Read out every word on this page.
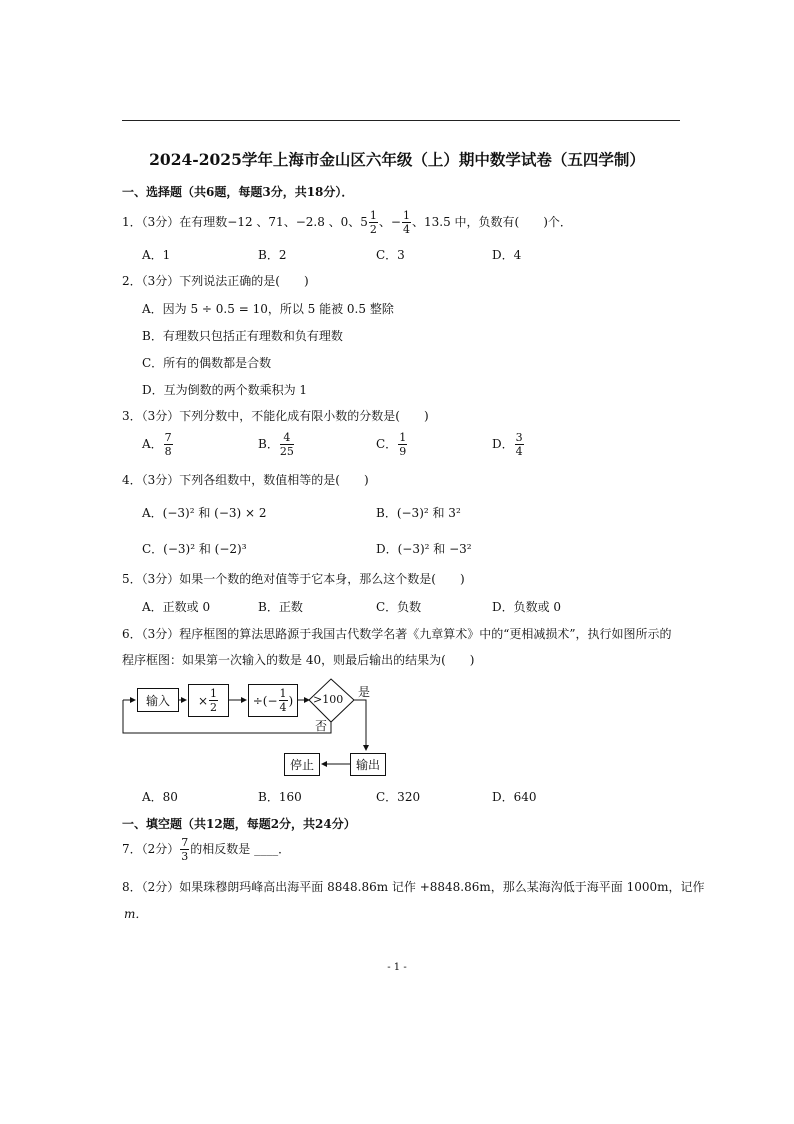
2024-2025学年上海市金山区六年级（上）期中数学试卷（五四学制）
一、选择题（共6题，每题3分，共18分）．
1．（3分）在有理数−12 、71、−2.8 、0、$5 \frac{1}{2}$ 、− $\frac{1}{4}$ 、13.5 中，负数有(　　)个．
A．1	B．2	C．3	D．4
2．（3分）下列说法正确的是(　　)
A．因为 5 ÷ 0.5 = 10，所以 5 能被 0.5 整除
B．有理数只包括正有理数和负有理数
C．所有的偶数都是合数
D．互为倒数的两个数乘积为 1
3．（3分）下列分数中，不能化成有限小数的分数是(　　)
A． $\frac{7}{8}$	B． $\frac{4}{25}$	C． $\frac{1}{9}$	D． $\frac{3}{4}$
4．（3分）下列各组数中，数值相等的是(　　)
A．(−3)² 和 (−3) × 2	B．(−3)² 和 3²
C．(−3)² 和 (−2)³	D．(−3)² 和 −3²
5．（3分）如果一个数的绝对值等于它本身，那么这个数是(　　)
A．正数或 0	B．正数	C．负数	D．负数或 0
6．（3分）程序框图的算法思路源于我国古代数学名著《九章算术》中的“更相减损术”，执行如图所示的
程序框图：如果第一次输入的数是 40，则最后输出的结果为(　　)
输入	× $\frac{1}{2}$	÷(− $\frac{1}{4}$ ) >100
是
否
输出
停止
A．80	B．160	C．320	D．640
一、填空题（共12题，每题2分，共24分）
7．（2分） $\frac{7}{3}$ 的相反数是 ____．
8．（2分）如果珠穆朗玛峰高出海平面 8848.86m 记作 +8848.86m，那么某海沟低于海平面 1000m，记作
m．
- 1 -
